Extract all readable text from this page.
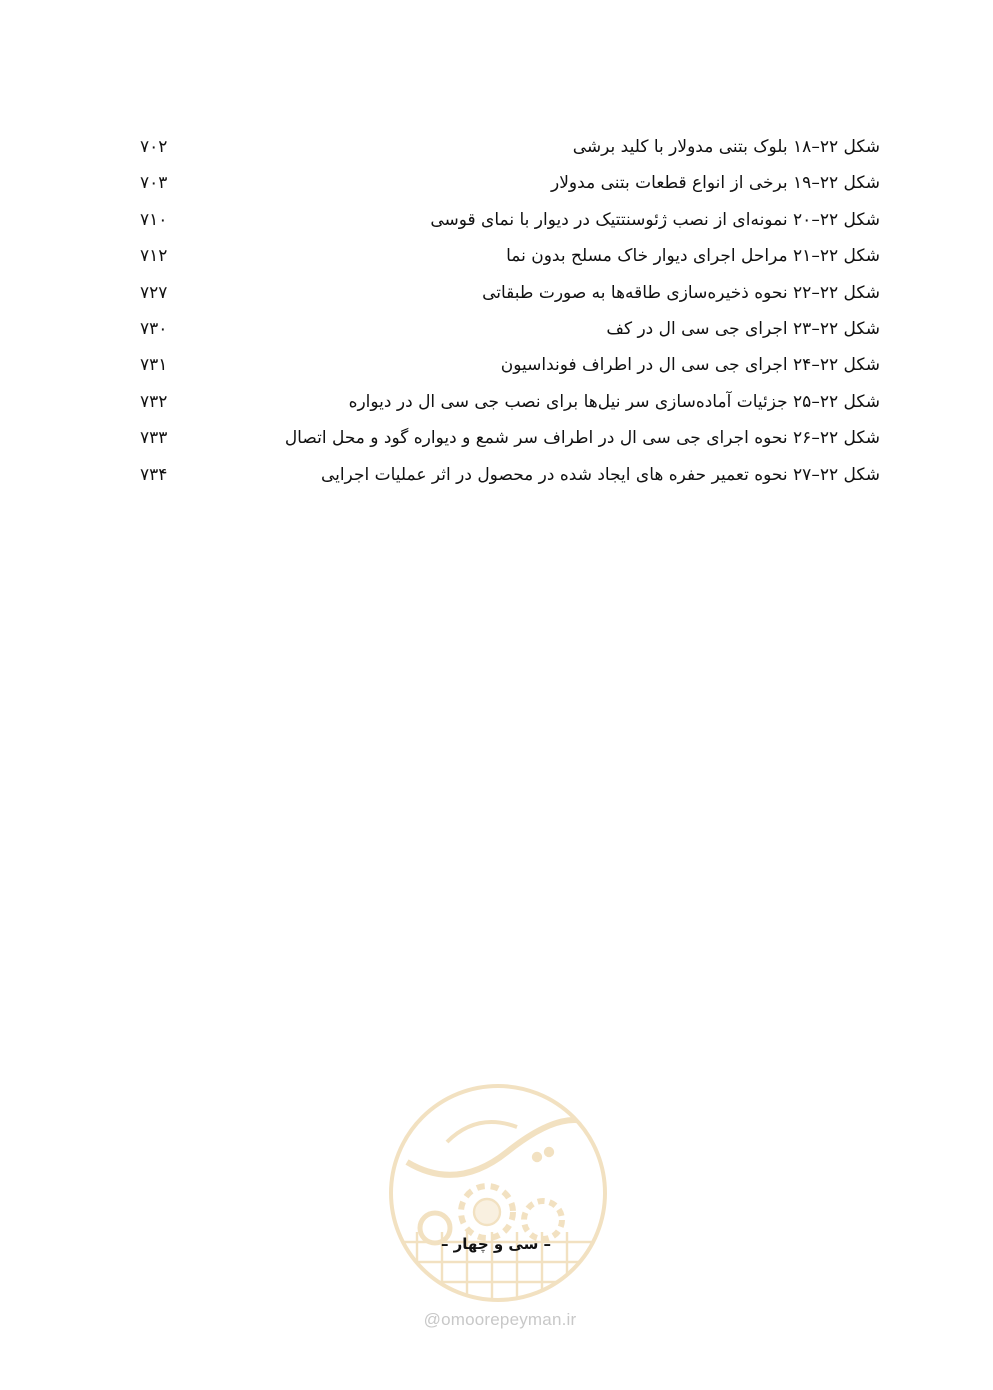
شکل ۲۲–۱۸ بلوک بتنی مدولار با کلید برشی
۷۰۲
شکل ۲۲–۱۹ برخی از انواع قطعات بتنی مدولار
۷۰۳
شکل ۲۲–۲۰ نمونه‌ای از نصب ژئوسنتتیک در دیوار با نمای قوسی
۷۱۰
شکل ۲۲–۲۱ مراحل اجرای دیوار خاک مسلح بدون نما
۷۱۲
شکل ۲۲–۲۲ نحوه ذخیره‌سازی طاقه‌ها به صورت طبقاتی
۷۲۷
شکل ۲۲–۲۳ اجرای جی سی ال در کف
۷۳۰
شکل ۲۲–۲۴ اجرای جی سی ال در اطراف فونداسیون
۷۳۱
شکل ۲۲–۲۵ جزئیات آماده‌سازی سر نیل‌ها برای نصب جی سی ال در دیواره
۷۳۲
شکل ۲۲–۲۶ نحوه اجرای جی سی ال در اطراف سر شمع و دیواره گود و محل اتصال
۷۳۳
شکل ۲۲–۲۷ نحوه تعمیر حفره های ایجاد شده در محصول در اثر عملیات اجرایی
۷۳۴
– سی و چهار –
@omoorepeyman.ir
